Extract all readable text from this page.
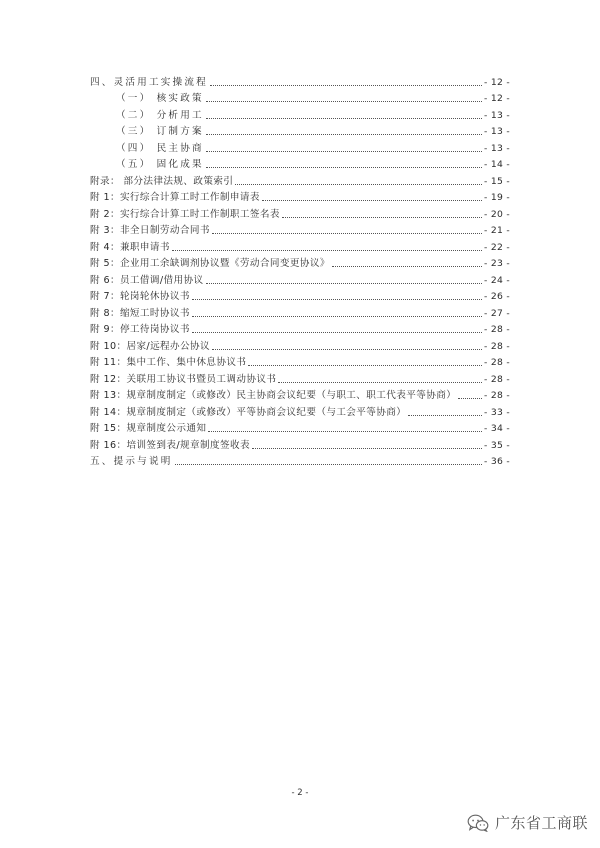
四、灵活用工实操流程	- 12 -
（一） 核实政策	- 12 -
（二） 分析用工	- 13 -
（三） 订制方案	- 13 -
（四） 民主协商	- 13 -
（五） 固化成果	- 14 -
附录： 部分法律法规、政策索引	- 15 -
附 1：实行综合计算工时工作制申请表	- 19 -
附 2：实行综合计算工时工作制职工签名表	- 20 -
附 3：非全日制劳动合同书	- 21 -
附 4：兼职申请书	- 22 -
附 5：企业用工余缺调剂协议暨《劳动合同变更协议》	- 23 -
附 6：员工借调/借用协议	- 24 -
附 7：轮岗轮休协议书	- 26 -
附 8：缩短工时协议书	- 27 -
附 9：停工待岗协议书	- 28 -
附 10：居家/远程办公协议	- 28 -
附 11：集中工作、集中休息协议书	- 28 -
附 12：关联用工协议书暨员工调动协议书	- 28 -
附 13：规章制度制定（或修改）民主协商会议纪要（与职工、职工代表平等协商）	- 28 -
附 14：规章制度制定（或修改）平等协商会议纪要（与工会平等协商）	- 33 -
附 15：规章制度公示通知	- 34 -
附 16：培训签到表/规章制度签收表	- 35 -
五、提示与说明	- 36 -
- 2 -
广东省工商联
